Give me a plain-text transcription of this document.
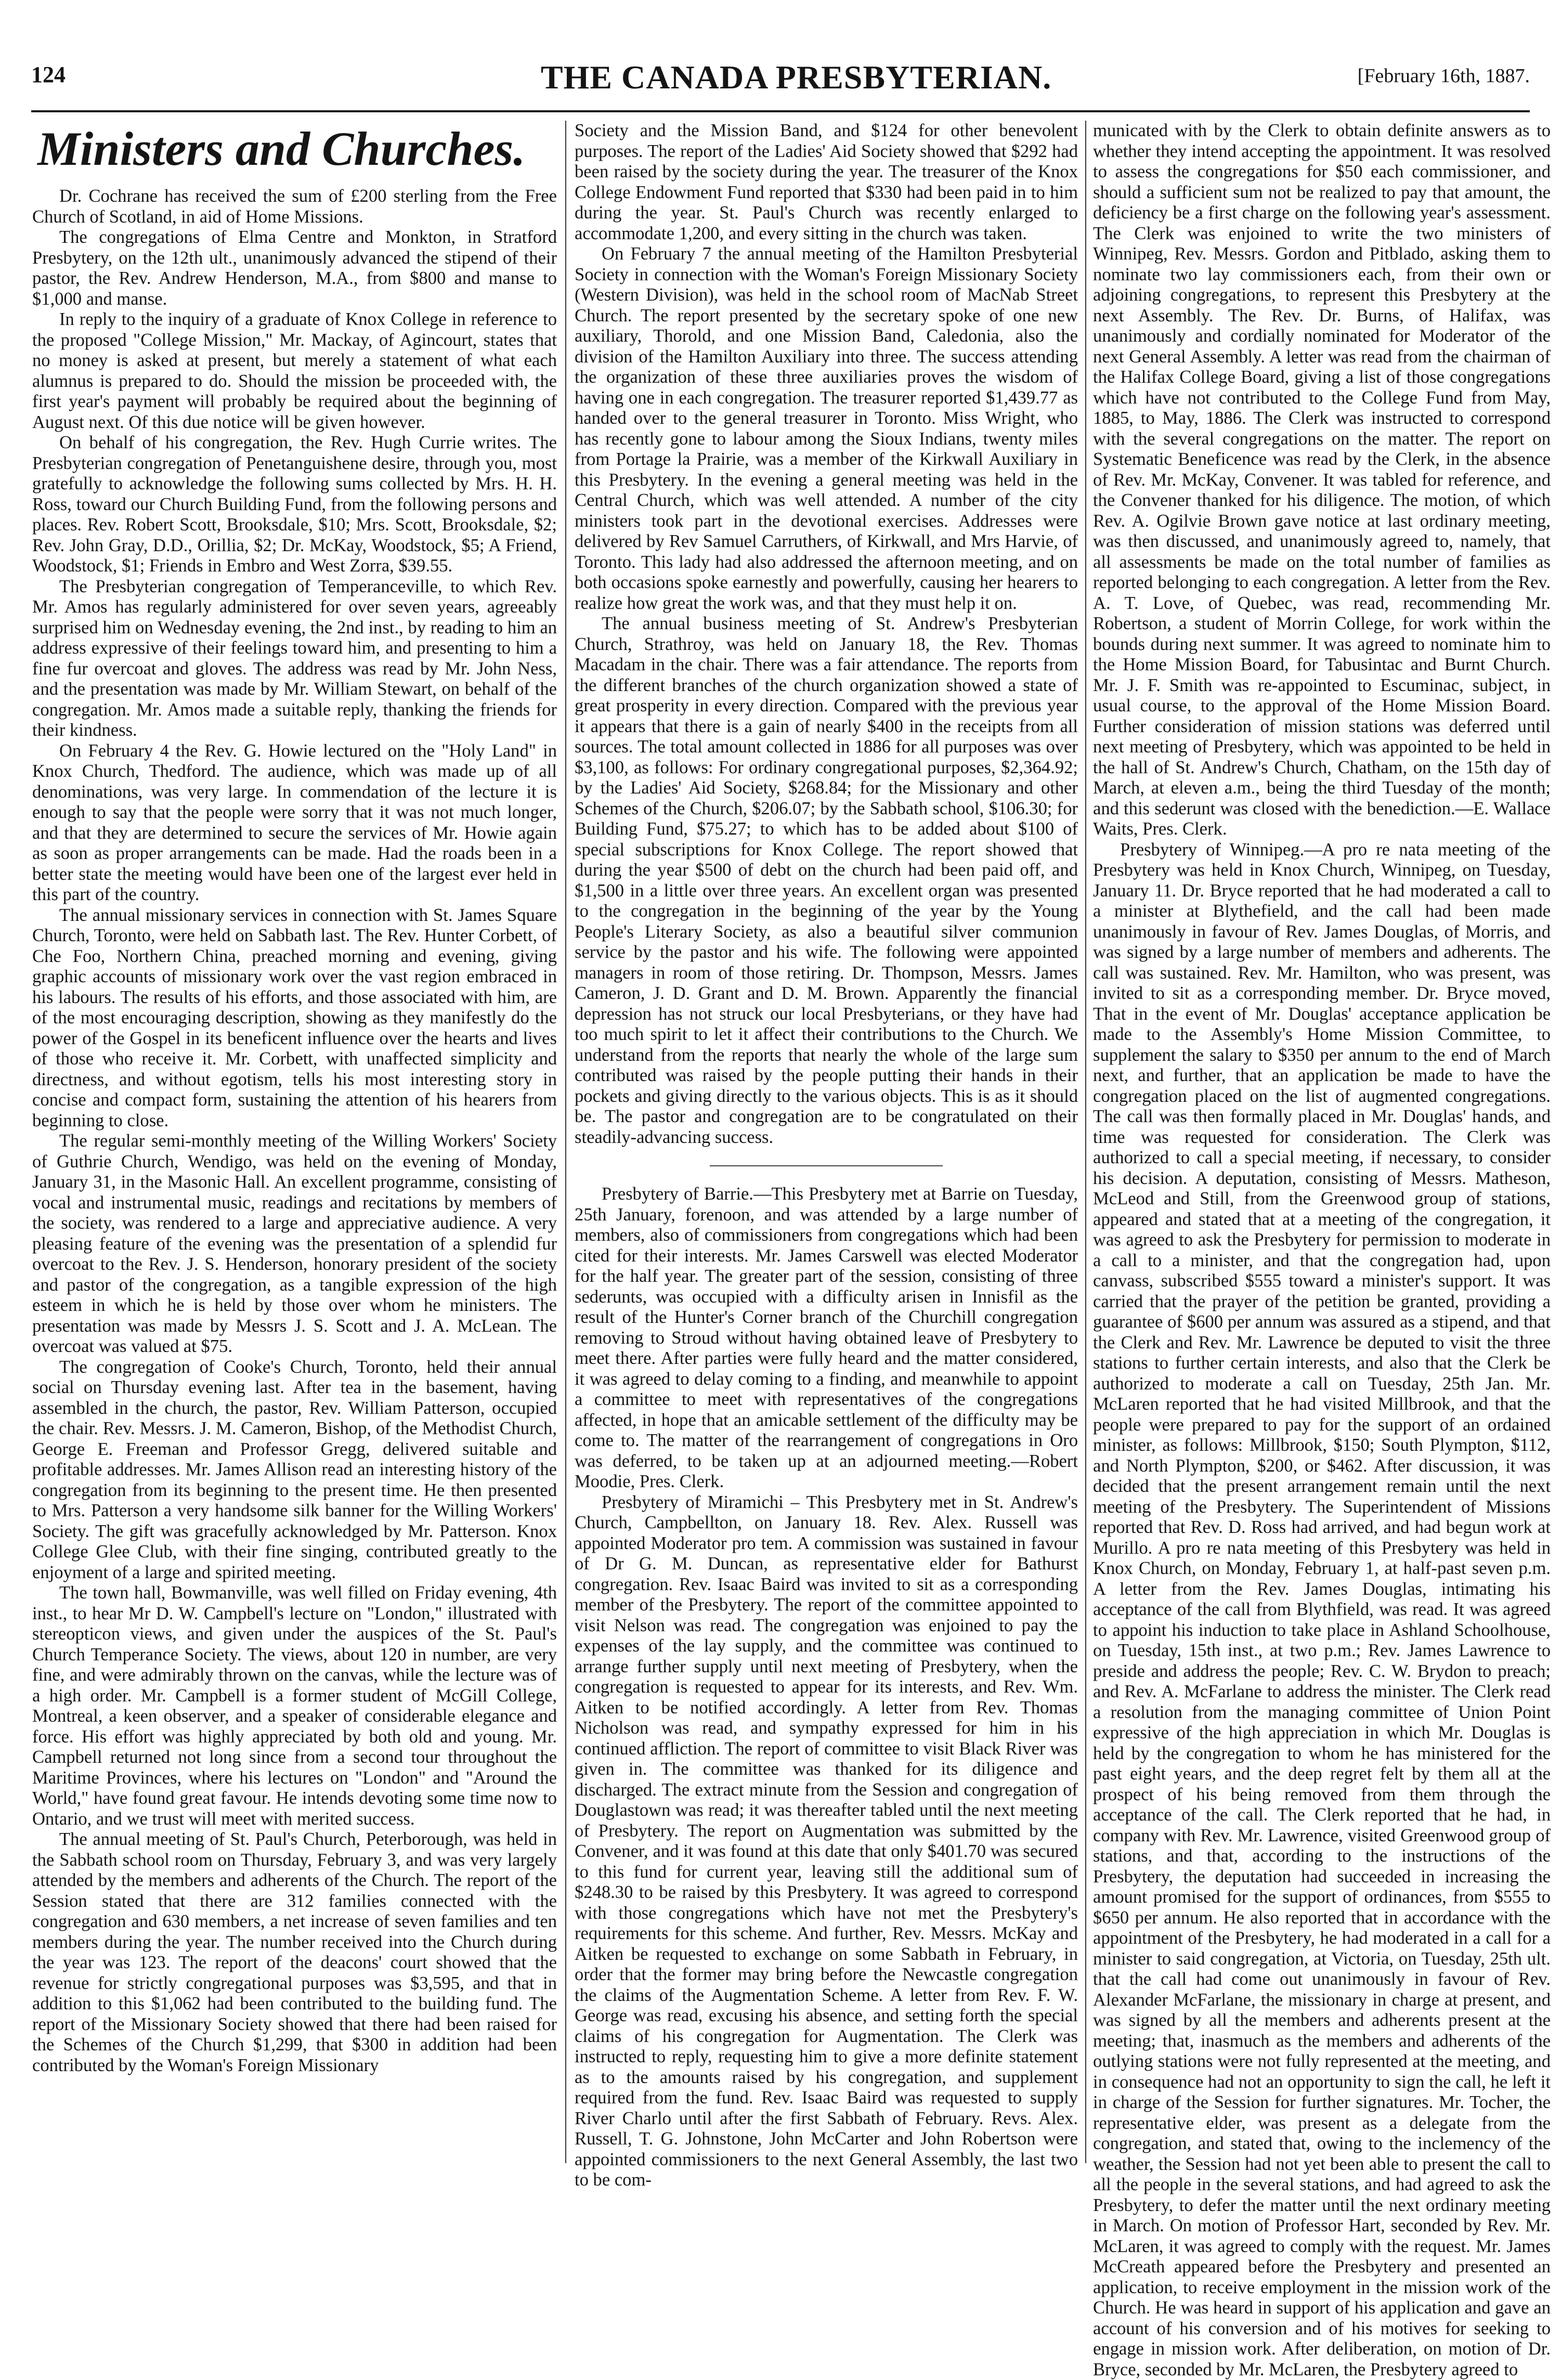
124	THE CANADA PRESBYTERIAN.	[February 16th, 1887.
Ministers and Churches.

Dr. Cochrane has received the sum of £200 sterling from the Free Church of Scotland, in aid of Home Missions.

The congregations of Elma Centre and Monkton, in Stratford Presbytery, on the 12th ult., unanimously advanced the stipend of their pastor, the Rev. Andrew Henderson, M.A., from $800 and manse to $1,000 and manse.

In reply to the inquiry of a graduate of Knox College in reference to the proposed "College Mission," Mr. Mackay, of Agincourt, states that no money is asked at present, but merely a statement of what each alumnus is prepared to do. Should the mission be proceeded with, the first year's payment will probably be required about the beginning of August next. Of this due notice will be given however.

On behalf of his congregation, the Rev. Hugh Currie writes. The Presbyterian congregation of Penetanguishene desire, through you, most gratefully to acknowledge the following sums collected by Mrs. H. H. Ross, toward our Church Building Fund, from the following persons and places. Rev. Robert Scott, Brooksdale, $10; Mrs. Scott, Brooksdale, $2; Rev. John Gray, D.D., Orillia, $2; Dr. McKay, Woodstock, $5; A Friend, Woodstock, $1; Friends in Embro and West Zorra, $39.55.

The Presbyterian congregation of Temperanceville, to which Rev. Mr. Amos has regularly administered for over seven years, agreeably surprised him on Wednesday evening, the 2nd inst., by reading to him an address expressive of their feelings toward him, and presenting to him a fine fur overcoat and gloves. The address was read by Mr. John Ness, and the presentation was made by Mr. William Stewart, on behalf of the congregation. Mr. Amos made a suitable reply, thanking the friends for their kindness.

On February 4 the Rev. G. Howie lectured on the "Holy Land" in Knox Church, Thedford. The audience, which was made up of all denominations, was very large. In commendation of the lecture it is enough to say that the people were sorry that it was not much longer, and that they are determined to secure the services of Mr. Howie again as soon as proper arrangements can be made. Had the roads been in a better state the meeting would have been one of the largest ever held in this part of the country.

The annual missionary services in connection with St. James Square Church, Toronto, were held on Sabbath last. The Rev. Hunter Corbett, of Che Foo, Northern China, preached morning and evening, giving graphic accounts of missionary work over the vast region embraced in his labours. The results of his efforts, and those associated with him, are of the most encouraging description, showing as they manifestly do the power of the Gospel in its beneficent influence over the hearts and lives of those who receive it. Mr. Corbett, with unaffected simplicity and directness, and without egotism, tells his most interesting story in concise and compact form, sustaining the attention of his hearers from beginning to close.

The regular semi-monthly meeting of the Willing Workers' Society of Guthrie Church, Wendigo, was held on the evening of Monday, January 31, in the Masonic Hall. An excellent programme, consisting of vocal and instrumental music, readings and recitations by members of the society, was rendered to a large and appreciative audience. A very pleasing feature of the evening was the presentation of a splendid fur overcoat to the Rev. J. S. Henderson, honorary president of the society and pastor of the congregation, as a tangible expression of the high esteem in which he is held by those over whom he ministers. The presentation was made by Messrs J. S. Scott and J. A. McLean. The overcoat was valued at $75.

The congregation of Cooke's Church, Toronto, held their annual social on Thursday evening last. After tea in the basement, having assembled in the church, the pastor, Rev. William Patterson, occupied the chair. Rev. Messrs. J. M. Cameron, Bishop, of the Methodist Church, George E. Freeman and Professor Gregg, delivered suitable and profitable addresses. Mr. James Allison read an interesting history of the congregation from its beginning to the present time. He then presented to Mrs. Patterson a very handsome silk banner for the Willing Workers' Society. The gift was gracefully acknowledged by Mr. Patterson. Knox College Glee Club, with their fine singing, contributed greatly to the enjoyment of a large and spirited meeting.

The town hall, Bowmanville, was well filled on Friday evening, 4th inst., to hear Mr D. W. Campbell's lecture on "London," illustrated with stereopticon views, and given under the auspices of the St. Paul's Church Temperance Society. The views, about 120 in number, are very fine, and were admirably thrown on the canvas, while the lecture was of a high order. Mr. Campbell is a former student of McGill College, Montreal, a keen observer, and a speaker of considerable elegance and force. His effort was highly appreciated by both old and young. Mr. Campbell returned not long since from a second tour throughout the Maritime Provinces, where his lectures on "London" and "Around the World," have found great favour. He intends devoting some time now to Ontario, and we trust will meet with merited success.

The annual meeting of St. Paul's Church, Peterborough, was held in the Sabbath school room on Thursday, February 3, and was very largely attended by the members and adherents of the Church. The report of the Session stated that there are 312 families connected with the congregation and 630 members, a net increase of seven families and ten members during the year. The number received into the Church during the year was 123. The report of the deacons' court showed that the revenue for strictly congregational purposes was $3,595, and that in addition to this $1,062 had been contributed to the building fund. The report of the Missionary Society showed that there had been raised for the Schemes of the Church $1,299, that $300 in addition had been contributed by the Woman's Foreign Missionary

Society and the Mission Band, and $124 for other benevolent purposes. The report of the Ladies' Aid Society showed that $292 had been raised by the society during the year. The treasurer of the Knox College Endowment Fund reported that $330 had been paid in to him during the year. St. Paul's Church was recently enlarged to accommodate 1,200, and every sitting in the church was taken.

On February 7 the annual meeting of the Hamilton Presbyterial Society in connection with the Woman's Foreign Missionary Society (Western Division), was held in the school room of MacNab Street Church. The report presented by the secretary spoke of one new auxiliary, Thorold, and one Mission Band, Caledonia, also the division of the Hamilton Auxiliary into three. The success attending the organization of these three auxiliaries proves the wisdom of having one in each congregation. The treasurer reported $1,439.77 as handed over to the general treasurer in Toronto. Miss Wright, who has recently gone to labour among the Sioux Indians, twenty miles from Portage la Prairie, was a member of the Kirkwall Auxiliary in this Presbytery. In the evening a general meeting was held in the Central Church, which was well attended. A number of the city ministers took part in the devotional exercises. Addresses were delivered by Rev Samuel Carruthers, of Kirkwall, and Mrs Harvie, of Toronto. This lady had also addressed the afternoon meeting, and on both occasions spoke earnestly and powerfully, causing her hearers to realize how great the work was, and that they must help it on.

The annual business meeting of St. Andrew's Presbyterian Church, Strathroy, was held on January 18, the Rev. Thomas Macadam in the chair. There was a fair attendance. The reports from the different branches of the church organization showed a state of great prosperity in every direction. Compared with the previous year it appears that there is a gain of nearly $400 in the receipts from all sources. The total amount collected in 1886 for all purposes was over $3,100, as follows: For ordinary congregational purposes, $2,364.92; by the Ladies' Aid Society, $268.84; for the Missionary and other Schemes of the Church, $206.07; by the Sabbath school, $106.30; for Building Fund, $75.27; to which has to be added about $100 of special subscriptions for Knox College. The report showed that during the year $500 of debt on the church had been paid off, and $1,500 in a little over three years. An excellent organ was presented to the congregation in the beginning of the year by the Young People's Literary Society, as also a beautiful silver communion service by the pastor and his wife. The following were appointed managers in room of those retiring. Dr. Thompson, Messrs. James Cameron, J. D. Grant and D. M. Brown. Apparently the financial depression has not struck our local Presbyterians, or they have had too much spirit to let it affect their contributions to the Church. We understand from the reports that nearly the whole of the large sum contributed was raised by the people putting their hands in their pockets and giving directly to the various objects. This is as it should be. The pastor and congregation are to be congratulated on their steadily-advancing success.

Presbytery of Barrie.—This Presbytery met at Barrie on Tuesday, 25th January, forenoon, and was attended by a large number of members, also of commissioners from congregations which had been cited for their interests. Mr. James Carswell was elected Moderator for the half year. The greater part of the session, consisting of three sederunts, was occupied with a difficulty arisen in Innisfil as the result of the Hunter's Corner branch of the Churchill congregation removing to Stroud without having obtained leave of Presbytery to meet there. After parties were fully heard and the matter considered, it was agreed to delay coming to a finding, and meanwhile to appoint a committee to meet with representatives of the congregations affected, in hope that an amicable settlement of the difficulty may be come to. The matter of the rearrangement of congregations in Oro was deferred, to be taken up at an adjourned meeting.—Robert Moodie, Pres. Clerk.

Presbytery of Miramichi – This Presbytery met in St. Andrew's Church, Campbellton, on January 18. Rev. Alex. Russell was appointed Moderator pro tem. A commission was sustained in favour of Dr G. M. Duncan, as representative elder for Bathurst congregation. Rev. Isaac Baird was invited to sit as a corresponding member of the Presbytery. The report of the committee appointed to visit Nelson was read. The congregation was enjoined to pay the expenses of the lay supply, and the committee was continued to arrange further supply until next meeting of Presbytery, when the congregation is requested to appear for its interests, and Rev. Wm. Aitken to be notified accordingly. A letter from Rev. Thomas Nicholson was read, and sympathy expressed for him in his continued affliction. The report of committee to visit Black River was given in. The committee was thanked for its diligence and discharged. The extract minute from the Session and congregation of Douglastown was read; it was thereafter tabled until the next meeting of Presbytery. The report on Augmentation was submitted by the Convener, and it was found at this date that only $401.70 was secured to this fund for current year, leaving still the additional sum of $248.30 to be raised by this Presbytery. It was agreed to correspond with those congregations which have not met the Presbytery's requirements for this scheme. And further, Rev. Messrs. McKay and Aitken be requested to exchange on some Sabbath in February, in order that the former may bring before the Newcastle congregation the claims of the Augmentation Scheme. A letter from Rev. F. W. George was read, excusing his absence, and setting forth the special claims of his congregation for Augmentation. The Clerk was instructed to reply, requesting him to give a more definite statement as to the amounts raised by his congregation, and supplement required from the fund. Rev. Isaac Baird was requested to supply River Charlo until after the first Sabbath of February. Revs. Alex. Russell, T. G. Johnstone, John McCarter and John Robertson were appointed commissioners to the next General Assembly, the last two to be com-

municated with by the Clerk to obtain definite answers as to whether they intend accepting the appointment. It was resolved to assess the congregations for $50 each commissioner, and should a sufficient sum not be realized to pay that amount, the deficiency be a first charge on the following year's assessment. The Clerk was enjoined to write the two ministers of Winnipeg, Rev. Messrs. Gordon and Pitblado, asking them to nominate two lay commissioners each, from their own or adjoining congregations, to represent this Presbytery at the next Assembly. The Rev. Dr. Burns, of Halifax, was unanimously and cordially nominated for Moderator of the next General Assembly. A letter was read from the chairman of the Halifax College Board, giving a list of those congregations which have not contributed to the College Fund from May, 1885, to May, 1886. The Clerk was instructed to correspond with the several congregations on the matter. The report on Systematic Beneficence was read by the Clerk, in the absence of Rev. Mr. McKay, Convener. It was tabled for reference, and the Convener thanked for his diligence. The motion, of which Rev. A. Ogilvie Brown gave notice at last ordinary meeting, was then discussed, and unanimously agreed to, namely, that all assessments be made on the total number of families as reported belonging to each congregation. A letter from the Rev. A. T. Love, of Quebec, was read, recommending Mr. Robertson, a student of Morrin College, for work within the bounds during next summer. It was agreed to nominate him to the Home Mission Board, for Tabusintac and Burnt Church. Mr. J. F. Smith was re-appointed to Escuminac, subject, in usual course, to the approval of the Home Mission Board. Further consideration of mission stations was deferred until next meeting of Presbytery, which was appointed to be held in the hall of St. Andrew's Church, Chatham, on the 15th day of March, at eleven a.m., being the third Tuesday of the month; and this sederunt was closed with the benediction.—E. Wallace Waits, Pres. Clerk.

Presbytery of Winnipeg.—A pro re nata meeting of the Presbytery was held in Knox Church, Winnipeg, on Tuesday, January 11. Dr. Bryce reported that he had moderated a call to a minister at Blythefield, and the call had been made unanimously in favour of Rev. James Douglas, of Morris, and was signed by a large number of members and adherents. The call was sustained. Rev. Mr. Hamilton, who was present, was invited to sit as a corresponding member. Dr. Bryce moved, That in the event of Mr. Douglas' acceptance application be made to the Assembly's Home Mission Committee, to supplement the salary to $350 per annum to the end of March next, and further, that an application be made to have the congregation placed on the list of augmented congregations. The call was then formally placed in Mr. Douglas' hands, and time was requested for consideration. The Clerk was authorized to call a special meeting, if necessary, to consider his decision. A deputation, consisting of Messrs. Matheson, McLeod and Still, from the Greenwood group of stations, appeared and stated that at a meeting of the congregation, it was agreed to ask the Presbytery for permission to moderate in a call to a minister, and that the congregation had, upon canvass, subscribed $555 toward a minister's support. It was carried that the prayer of the petition be granted, providing a guarantee of $600 per annum was assured as a stipend, and that the Clerk and Rev. Mr. Lawrence be deputed to visit the three stations to further certain interests, and also that the Clerk be authorized to moderate a call on Tuesday, 25th Jan. Mr. McLaren reported that he had visited Millbrook, and that the people were prepared to pay for the support of an ordained minister, as follows: Millbrook, $150; South Plympton, $112, and North Plympton, $200, or $462. After discussion, it was decided that the present arrangement remain until the next meeting of the Presbytery. The Superintendent of Missions reported that Rev. D. Ross had arrived, and had begun work at Murillo. A pro re nata meeting of this Presbytery was held in Knox Church, on Monday, February 1, at half-past seven p.m. A letter from the Rev. James Douglas, intimating his acceptance of the call from Blythfield, was read. It was agreed to appoint his induction to take place in Ashland Schoolhouse, on Tuesday, 15th inst., at two p.m.; Rev. James Lawrence to preside and address the people; Rev. C. W. Brydon to preach; and Rev. A. McFarlane to address the minister. The Clerk read a resolution from the managing committee of Union Point expressive of the high appreciation in which Mr. Douglas is held by the congregation to whom he has ministered for the past eight years, and the deep regret felt by them all at the prospect of his being removed from them through the acceptance of the call. The Clerk reported that he had, in company with Rev. Mr. Lawrence, visited Greenwood group of stations, and that, according to the instructions of the Presbytery, the deputation had succeeded in increasing the amount promised for the support of ordinances, from $555 to $650 per annum. He also reported that in accordance with the appointment of the Presbytery, he had moderated in a call for a minister to said congregation, at Victoria, on Tuesday, 25th ult. that the call had come out unanimously in favour of Rev. Alexander McFarlane, the missionary in charge at present, and was signed by all the members and adherents present at the meeting; that, inasmuch as the members and adherents of the outlying stations were not fully represented at the meeting, and in consequence had not an opportunity to sign the call, he left it in charge of the Session for further signatures. Mr. Tocher, the representative elder, was present as a delegate from the congregation, and stated that, owing to the inclemency of the weather, the Session had not yet been able to present the call to all the people in the several stations, and had agreed to ask the Presbytery, to defer the matter until the next ordinary meeting in March. On motion of Professor Hart, seconded by Rev. Mr. McLaren, it was agreed to comply with the request. Mr. James McCreath appeared before the Presbytery and presented an application, to receive employment in the mission work of the Church. He was heard in support of his application and gave an account of his conversion and of his motives for seeking to engage in mission work. After deliberation, on motion of Dr. Bryce, seconded by Mr. McLaren, the Presbytery agreed to
